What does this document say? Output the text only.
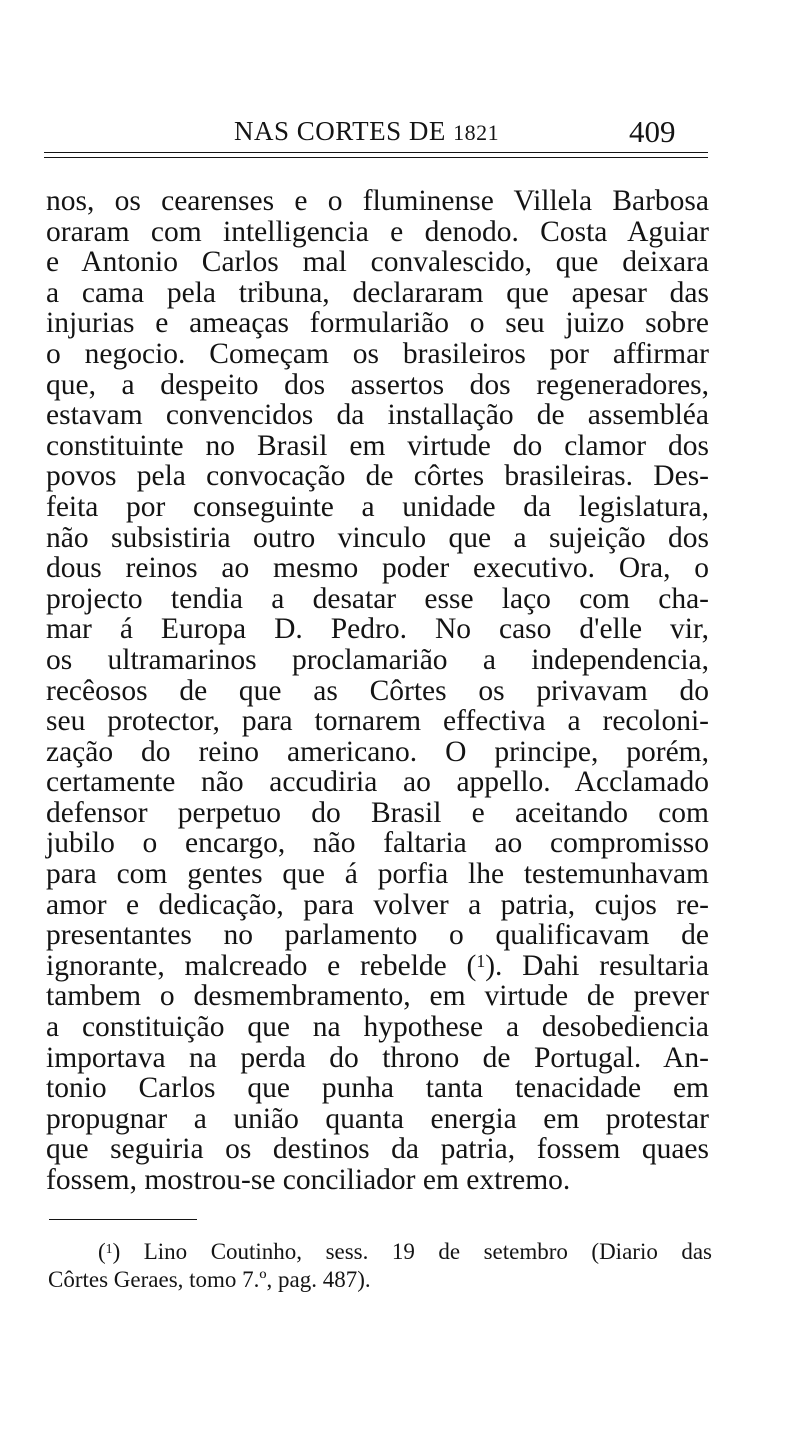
NAS CORTES DE 1821	409
nos, os cearenses e o fluminense Villela Barbosa
oraram com intelligencia e denodo. Costa Aguiar
e Antonio Carlos mal convalescido, que deixara
a cama pela tribuna, declararam que apesar das
injurias e ameaças formularião o seu juizo sobre
o negocio. Começam os brasileiros por affirmar
que, a despeito dos assertos dos regeneradores,
estavam convencidos da installação de assembléa
constituinte no Brasil em virtude do clamor dos
povos pela convocação de côrtes brasileiras. Des-
feita por conseguinte a unidade da legislatura,
não subsistiria outro vinculo que a sujeição dos
dous reinos ao mesmo poder executivo. Ora, o
projecto tendia a desatar esse laço com cha-
mar á Europa D. Pedro. No caso d'elle vir,
os ultramarinos proclamarião a independencia,
recêosos de que as Côrtes os privavam do
seu protector, para tornarem effectiva a recoloni-
zação do reino americano. O principe, porém,
certamente não accudiria ao appello. Acclamado
defensor perpetuo do Brasil e aceitando com
jubilo o encargo, não faltaria ao compromisso
para com gentes que á porfia lhe testemunhavam
amor e dedicação, para volver a patria, cujos re-
presentantes no parlamento o qualificavam de
ignorante, malcreado e rebelde ($^1$). Dahi resultaria
tambem o desmembramento, em virtude de prever
a constituição que na hypothese a desobediencia
importava na perda do throno de Portugal. An-
tonio Carlos que punha tanta tenacidade em
propugnar a união quanta energia em protestar
que seguiria os destinos da patria, fossem quaes
fossem, mostrou-se conciliador em extremo.
($^1$) Lino Coutinho, sess. 19 de setembro (Diario das
Côrtes Geraes, tomo 7.º, pag. 487).
